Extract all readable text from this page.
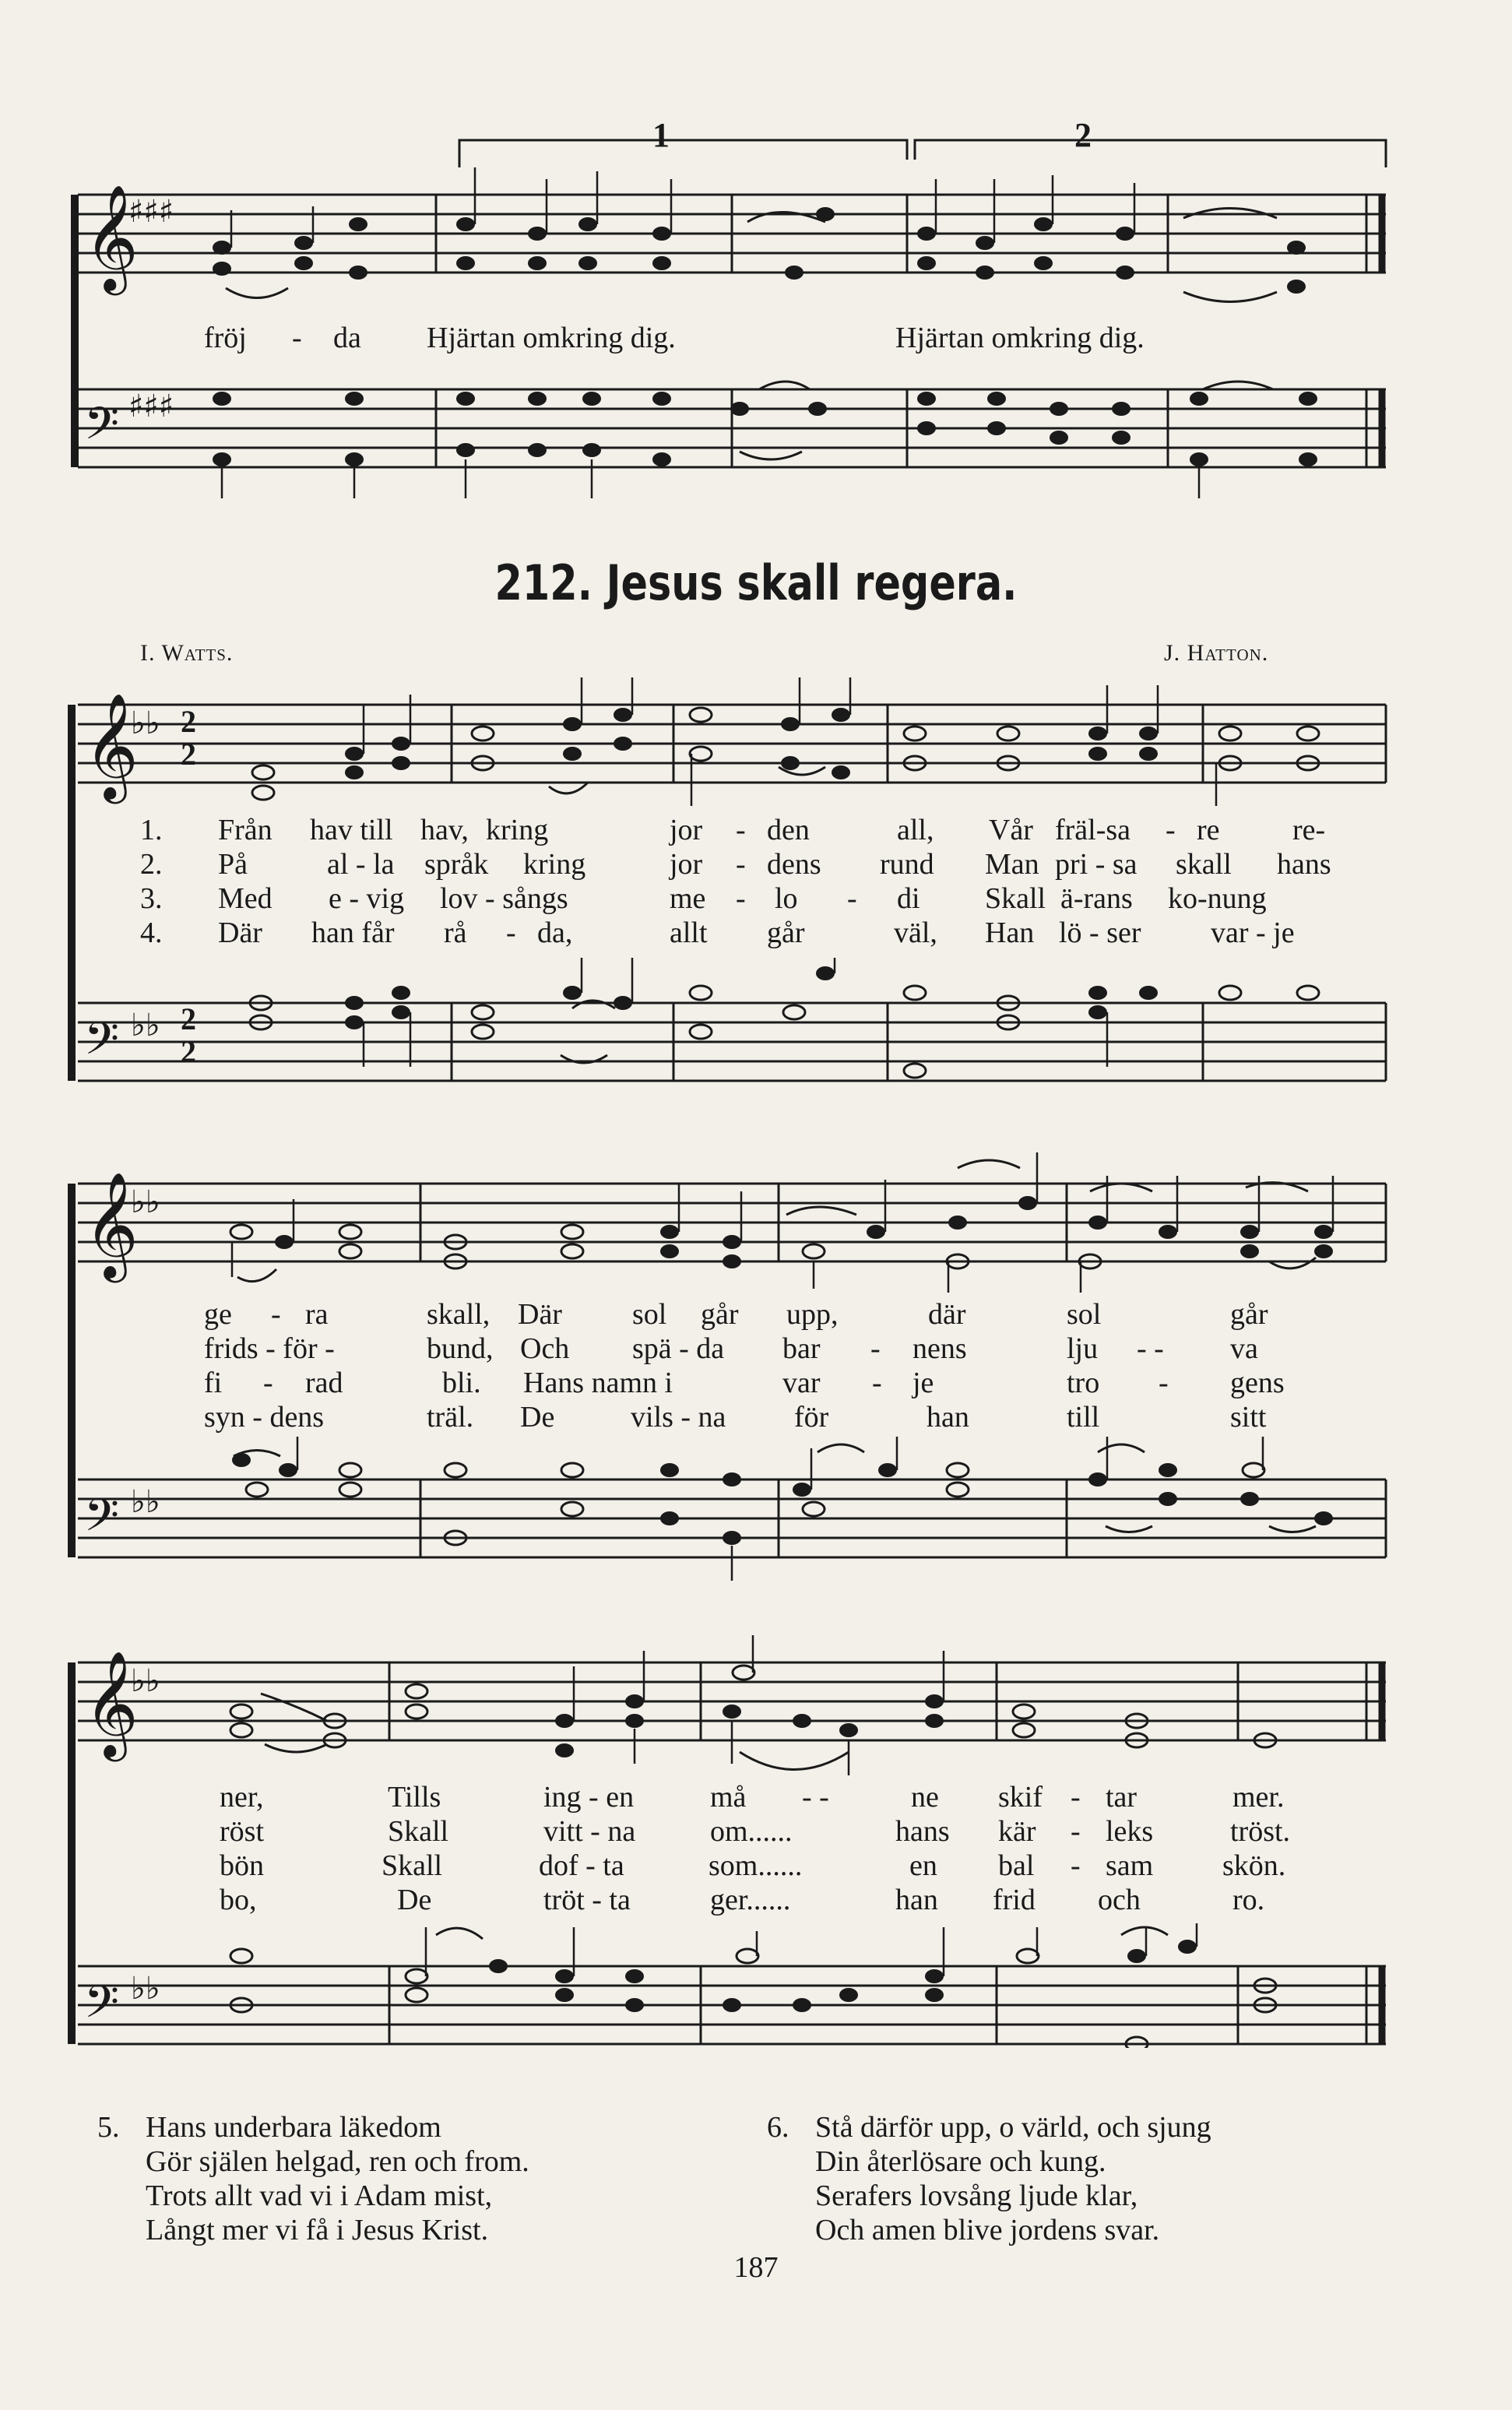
𝄞
♯♯♯
𝄢 ♯♯♯
1	2
fröj - da Hjärtan omkring dig.	Hjärtan omkring dig.
212. Jesus skall regera.
I. Watts.	J. Hatton.
𝄞
♭♭ 2
2
𝄢 ♭♭ 2
2
1. Från hav till hav, kring	jor - den	all, Vår fräl-sa - re re-
2. På	al - la språk kring	jor - dens rund Man pri - sa skall hans
3. Med e - vig lov - sångs	me - lo - di Skall ä-rans ko-nung
4. Där han får rå - da,	allt går	väl, Han lö - ser var - je
𝄞
♭♭
𝄢 ♭♭
ge - ra	skall, Där sol går upp,	där	sol	går
frids - för -	bund, Och spä - da bar - nens	lju - - va
fi - rad	bli. Hans namn i	var - je	tro - gens
syn - dens	träl. De	vils - na för	han	till	sitt
𝄞
♭♭
𝄢 ♭♭
ner,	Tills	ing - en	må - -	ne skif - tar	mer.
röst	Skall	vitt - na	om......	hans kär - leks	tröst.
bön	Skall	dof - ta	som......	en bal - sam skön.
bo,	De	tröt - ta	ger......	han frid och	ro.
5. Hans underbara läkedom
Gör själen helgad, ren och from.
Trots allt vad vi i Adam mist,
Långt mer vi få i Jesus Krist.
6. Stå därför upp, o värld, och sjung
Din återlösare och kung.
Serafers lovsång ljude klar,
Och amen blive jordens svar.
187
